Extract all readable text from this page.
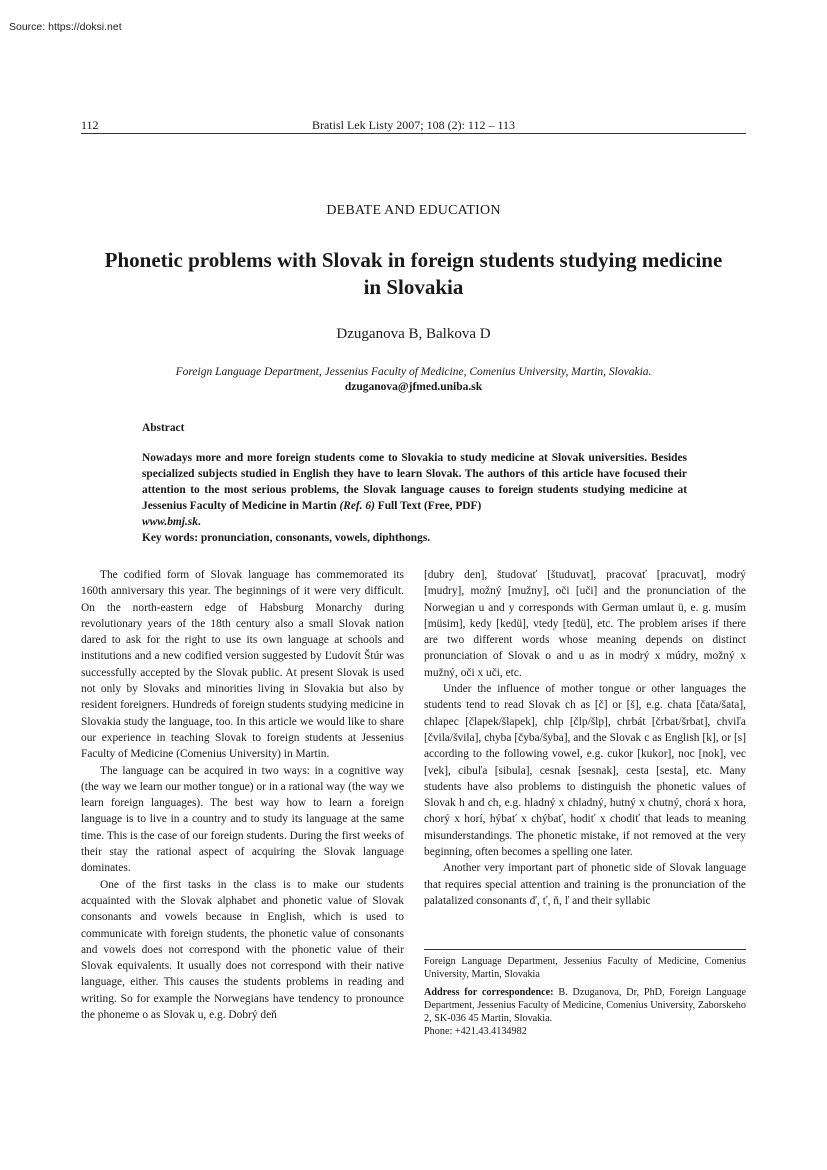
Source: https://doksi.net
112	Bratisl Lek Listy 2007; 108 (2): 112 – 113
DEBATE AND EDUCATION
Phonetic problems with Slovak in foreign students studying medicine in Slovakia
Dzuganova B, Balkova D
Foreign Language Department, Jessenius Faculty of Medicine, Comenius University, Martin, Slovakia. dzuganova@jfmed.uniba.sk
Abstract
Nowadays more and more foreign students come to Slovakia to study medicine at Slovak universities. Besides specialized subjects studied in English they have to learn Slovak. The authors of this article have focused their attention to the most serious problems, the Slovak language causes to foreign students studying medicine at Jessenius Faculty of Medicine in Martin (Ref. 6) Full Text (Free, PDF)
www.bmj.sk.
Key words: pronunciation, consonants, vowels, diphthongs.

The codified form of Slovak language has commemorated its 160th anniversary this year. The beginnings of it were very difficult. On the north-eastern edge of Habsburg Monarchy during revolutionary years of the 18th century also a small Slovak nation dared to ask for the right to use its own language at schools and institutions and a new codified version suggested by Ľudovít Štúr was successfully accepted by the Slovak public. At present Slovak is used not only by Slovaks and minorities living in Slovakia but also by resident foreigners. Hundreds of foreign students studying medicine in Slovakia study the language, too. In this article we would like to share our experience in teaching Slovak to foreign students at Jessenius Faculty of Medicine (Comenius University) in Martin.

The language can be acquired in two ways: in a cognitive way (the way we learn our mother tongue) or in a rational way (the way we learn foreign languages). The best way how to learn a foreign language is to live in a country and to study its language at the same time. This is the case of our foreign students. During the first weeks of their stay the rational aspect of acquiring the Slovak language dominates.

One of the first tasks in the class is to make our students acquainted with the Slovak alphabet and phonetic value of Slovak consonants and vowels because in English, which is used to communicate with foreign students, the phonetic value of consonants and vowels does not correspond with the phonetic value of their Slovak equivalents. It usually does not correspond with their native language, either. This causes the students problems in reading and writing. So for example the Norwegians have tendency to pronounce the phoneme o as Slovak u, e.g. Dobrý deň

[dubry den], študovať [študuvat], pracovať [pracuvat], modrý [mudry], možný [mužny], oči [uči] and the pronunciation of the Norwegian u and y corresponds with German umlaut ü, e. g. musím [müsim], kedy [kedü], vtedy [tedü], etc. The problem arises if there are two different words whose meaning depends on distinct pronunciation of Slovak o and u as in modrý x múdry, možný x mužný, oči x uči, etc.

Under the influence of mother tongue or other languages the students tend to read Slovak ch as [č] or [š], e.g. chata [čata/šata], chlapec [člapek/šlapek], chlp [člp/šlp], chrbát [črbat/šrbat], chviľa [čvila/švila], chyba [čyba/šyba], and the Slovak c as English [k], or [s] according to the following vowel, e.g. cukor [kukor], noc [nok], vec [vek], cibuľa [sibula], cesnak [sesnak], cesta [sesta], etc. Many students have also problems to distinguish the phonetic values of Slovak h and ch, e.g. hladný x chladný, hutný x chutný, chorá x hora, chorý x horí, hýbať x chýbať, hodiť x chodiť that leads to meaning misunderstandings. The phonetic mistake, if not removed at the very beginning, often becomes a spelling one later.

Another very important part of phonetic side of Slovak language that requires special attention and training is the pronunciation of the palatalized consonants ď, ť, ň, ľ and their syllabic

Foreign Language Department, Jessenius Faculty of Medicine, Comenius University, Martin, Slovakia

Address for correspondence: B. Dzuganova, Dr, PhD, Foreign Language Department, Jessenius Faculty of Medicine, Comenius University, Zaborskeho 2, SK-036 45 Martin, Slovakia.
Phone: +421.43.4134982
